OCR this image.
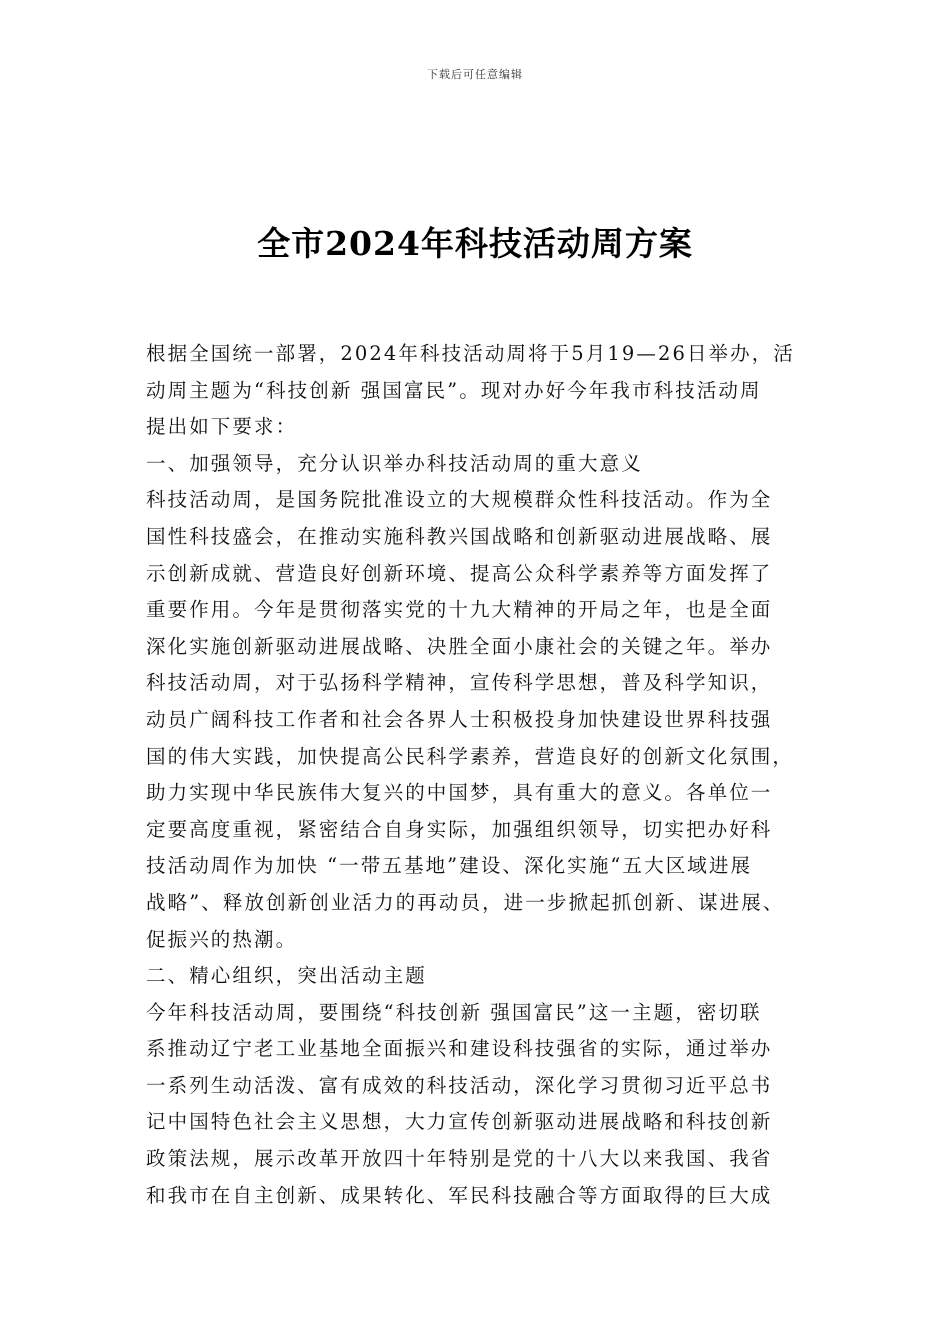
下载后可任意编辑
全市2024年科技活动周方案
根据全国统一部署，2024年科技活动周将于5月19—26日举办，活
动周主题为“科技创新 强国富民”。现对办好今年我市科技活动周
提出如下要求：
一、加强领导，充分认识举办科技活动周的重大意义
科技活动周，是国务院批准设立的大规模群众性科技活动。作为全
国性科技盛会，在推动实施科教兴国战略和创新驱动进展战略、展
示创新成就、营造良好创新环境、提高公众科学素养等方面发挥了
重要作用。今年是贯彻落实党的十九大精神的开局之年，也是全面
深化实施创新驱动进展战略、决胜全面小康社会的关键之年。举办
科技活动周，对于弘扬科学精神，宣传科学思想，普及科学知识，
动员广阔科技工作者和社会各界人士积极投身加快建设世界科技强
国的伟大实践，加快提高公民科学素养，营造良好的创新文化氛围，
助力实现中华民族伟大复兴的中国梦，具有重大的意义。各单位一
定要高度重视，紧密结合自身实际，加强组织领导，切实把办好科
技活动周作为加快 “一带五基地”建设、深化实施“五大区域进展
战略”、释放创新创业活力的再动员，进一步掀起抓创新、谋进展、
促振兴的热潮。
二、精心组织，突出活动主题
今年科技活动周，要围绕“科技创新 强国富民”这一主题，密切联
系推动辽宁老工业基地全面振兴和建设科技强省的实际，通过举办
一系列生动活泼、富有成效的科技活动，深化学习贯彻习近平总书
记中国特色社会主义思想，大力宣传创新驱动进展战略和科技创新
政策法规，展示改革开放四十年特别是党的十八大以来我国、我省
和我市在自主创新、成果转化、军民科技融合等方面取得的巨大成
